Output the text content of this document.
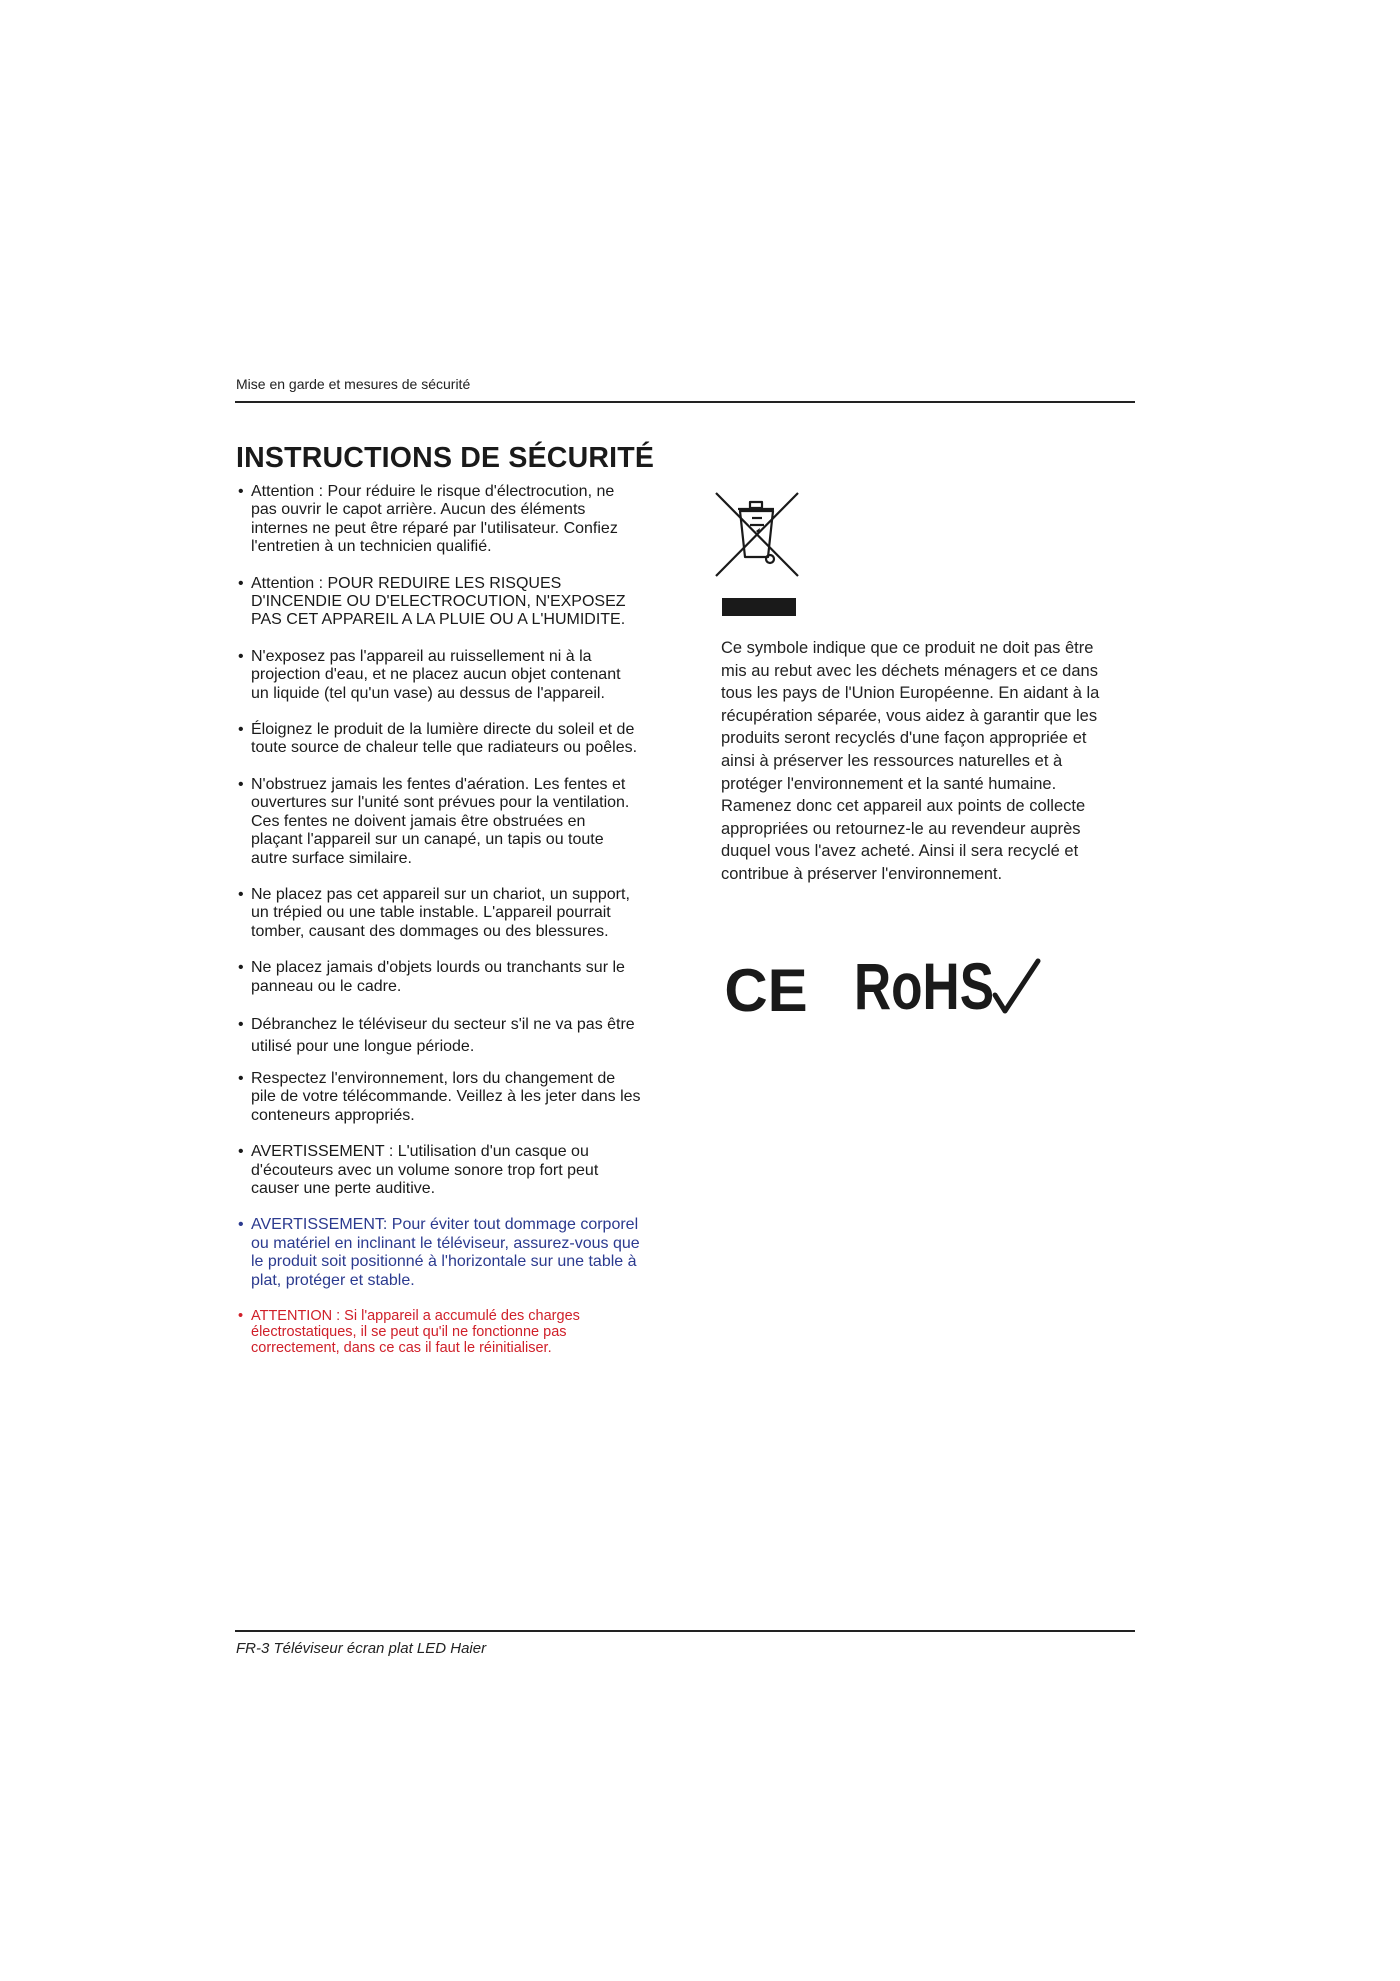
Mise en garde et mesures de sécurité
INSTRUCTIONS DE SÉCURITÉ

• Attention : Pour réduire le risque d'électrocution, ne pas ouvrir le capot arrière. Aucun des éléments internes ne peut être réparé par l'utilisateur. Confiez l'entretien à un technicien qualifié.

• Attention : POUR REDUIRE LES RISQUES D'INCENDIE OU D'ELECTROCUTION, N'EXPOSEZ PAS CET APPAREIL A LA PLUIE OU A L'HUMIDITE.

• N'exposez pas l'appareil au ruissellement ni à la projection d'eau, et ne placez aucun objet contenant un liquide (tel qu'un vase) au dessus de l'appareil.

• Éloignez le produit de la lumière directe du soleil et de toute source de chaleur telle que radiateurs ou poêles.

• N'obstruez jamais les fentes d'aération. Les fentes et ouvertures sur l'unité sont prévues pour la ventilation. Ces fentes ne doivent jamais être obstruées en plaçant l'appareil sur un canapé, un tapis ou toute autre surface similaire.

• Ne placez pas cet appareil sur un chariot, un support, un trépied ou une table instable. L'appareil pourrait tomber, causant des dommages ou des blessures.

• Ne placez jamais d'objets lourds ou tranchants sur le panneau ou le cadre.

• Débranchez le téléviseur du secteur s'il ne va pas être utilisé pour une longue période.

• Respectez l'environnement, lors du changement de pile de votre télécommande. Veillez à les jeter dans les conteneurs appropriés.

• AVERTISSEMENT : L'utilisation d'un casque ou d'écouteurs avec un volume sonore trop fort peut causer une perte auditive.

• AVERTISSEMENT: Pour éviter tout dommage corporel ou matériel en inclinant le téléviseur, assurez-vous que le produit soit positionné à l'horizontale sur une table à plat, protéger et stable.

• ATTENTION : Si l'appareil a accumulé des charges électrostatiques, il se peut qu'il ne fonctionne pas correctement, dans ce cas il faut le réinitialiser.

Ce symbole indique que ce produit ne doit pas être mis au rebut avec les déchets ménagers et ce dans tous les pays de l'Union Européenne. En aidant à la récupération séparée, vous aidez à garantir que les produits seront recyclés d'une façon appropriée et ainsi à préserver les ressources naturelles et à protéger l'environnement et la santé humaine. Ramenez donc cet appareil aux points de collecte appropriées ou retournez-le au revendeur auprès duquel vous l'avez acheté. Ainsi il sera recyclé et contribue à préserver l'environnement.

CE RoHS
FR-3 Téléviseur écran plat LED Haier
